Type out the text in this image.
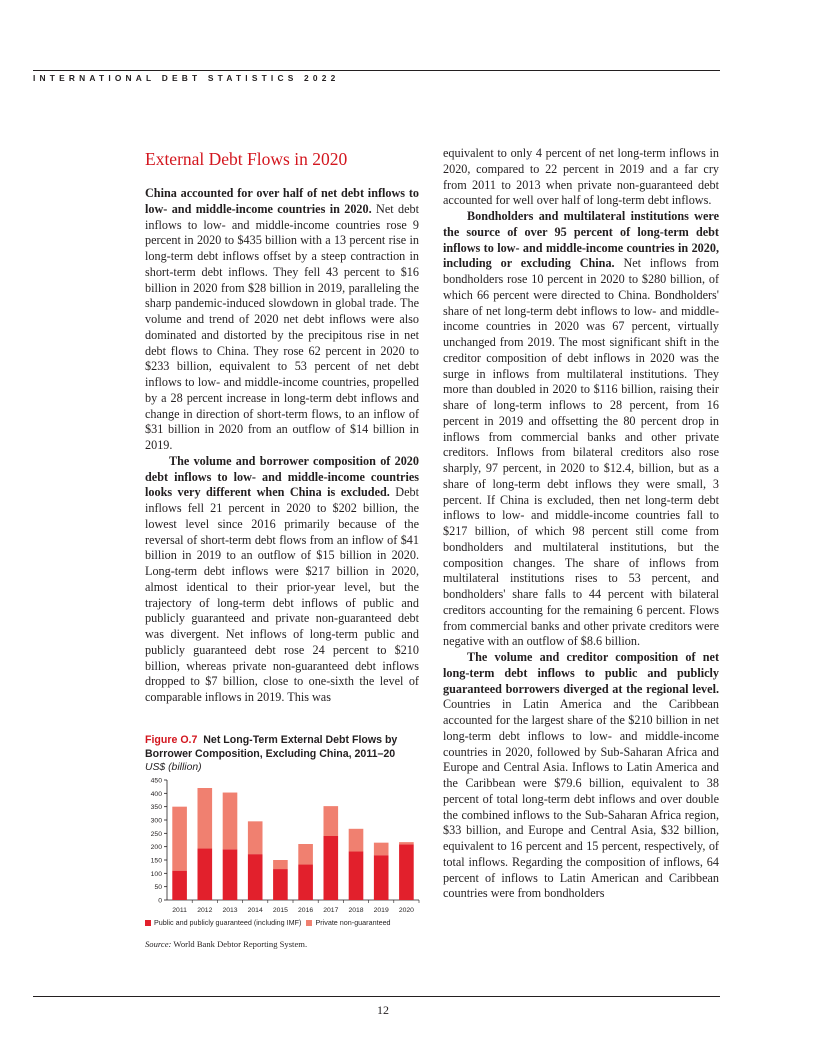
INTERNATIONAL DEBT STATISTICS 2022
External Debt Flows in 2020

China accounted for over half of net debt inflows to low- and middle-income countries in 2020. Net debt inflows to low- and middle-income countries rose 9 percent in 2020 to $435 billion with a 13 percent rise in long-term debt inflows offset by a steep contraction in short-term debt inflows. They fell 43 percent to $16 billion in 2020 from $28 billion in 2019, paralleling the sharp pandemic-induced slowdown in global trade. The volume and trend of 2020 net debt inflows were also dominated and distorted by the precipitous rise in net debt flows to China. They rose 62 percent in 2020 to $233 billion, equivalent to 53 percent of net debt inflows to low- and middle-income countries, propelled by a 28 percent increase in long-term debt inflows and change in direction of short-term flows, to an inflow of $31 billion in 2020 from an outflow of $14 billion in 2019.

The volume and borrower composition of 2020 debt inflows to low- and middle-income countries looks very different when China is excluded. Debt inflows fell 21 percent in 2020 to $202 billion, the lowest level since 2016 primarily because of the reversal of short-term debt flows from an inflow of $41 billion in 2019 to an outflow of $15 billion in 2020. Long-term debt inflows were $217 billion in 2020, almost identical to their prior-year level, but the trajectory of long-term debt inflows of public and publicly guaranteed and private non-guaranteed debt was divergent. Net inflows of long-term public and publicly guaranteed debt rose 24 percent to $210 billion, whereas private non-guaranteed debt inflows dropped to $7 billion, close to one-sixth the level of comparable inflows in 2019. This was

equivalent to only 4 percent of net long-term inflows in 2020, compared to 22 percent in 2019 and a far cry from 2011 to 2013 when private non-guaranteed debt accounted for well over half of long-term debt inflows.

Bondholders and multilateral institutions were the source of over 95 percent of long-term debt inflows to low- and middle-income countries in 2020, including or excluding China. Net inflows from bondholders rose 10 percent in 2020 to $280 billion, of which 66 percent were directed to China. Bondholders' share of net long-term debt inflows to low- and middle-income countries in 2020 was 67 percent, virtually unchanged from 2019. The most significant shift in the creditor composition of debt inflows in 2020 was the surge in inflows from multilateral institutions. They more than doubled in 2020 to $116 billion, raising their share of long-term inflows to 28 percent, from 16 percent in 2019 and offsetting the 80 percent drop in inflows from commercial banks and other private creditors. Inflows from bilateral creditors also rose sharply, 97 percent, in 2020 to $12.4, billion, but as a share of long-term debt inflows they were small, 3 percent. If China is excluded, then net long-term debt inflows to low- and middle-income countries fall to $217 billion, of which 98 percent still come from bondholders and multilateral institutions, but the composition changes. The share of inflows from multilateral institutions rises to 53 percent, and bondholders' share falls to 44 percent with bilateral creditors accounting for the remaining 6 percent. Flows from commercial banks and other private creditors were negative with an outflow of $8.6 billion.

The volume and creditor composition of net long-term debt inflows to public and publicly guaranteed borrowers diverged at the regional level. Countries in Latin America and the Caribbean accounted for the largest share of the $210 billion in net long-term debt inflows to low- and middle-income countries in 2020, followed by Sub-Saharan Africa and Europe and Central Asia. Inflows to Latin America and the Caribbean were $79.6 billion, equivalent to 38 percent of total long-term debt inflows and over double the combined inflows to the Sub-Saharan Africa region, $33 billion, and Europe and Central Asia, $32 billion, equivalent to 16 percent and 15 percent, respectively, of total inflows. Regarding the composition of inflows, 64 percent of inflows to Latin American and Caribbean countries were from bondholders

Figure O.7 Net Long-Term External Debt Flows by Borrower Composition, Excluding China, 2011–20
US$ (billion)
0
50
100
150
200
250
300
350
400
450
2011 2012 2013 2014 2015 2016 2017 2018 2019 2020
Public and publicly guaranteed (including IMF) Private non-guaranteed
Source: World Bank Debtor Reporting System.
12
